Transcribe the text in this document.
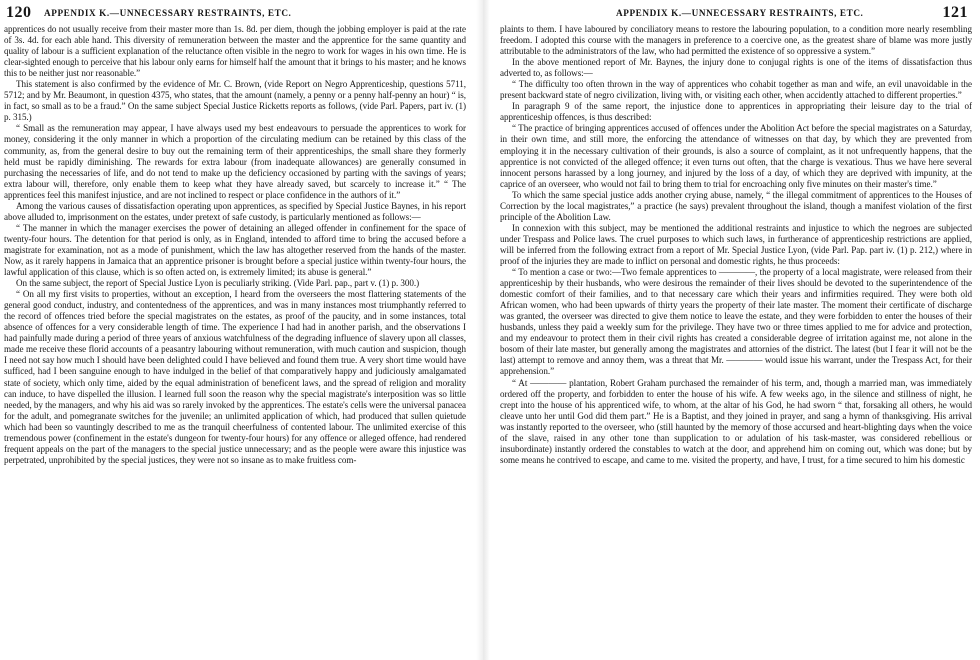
120 APPENDIX K.—UNNECESSARY RESTRAINTS, ETC.

apprentices do not usually receive from their master more than 1s. 8d. per diem, though the jobbing employer is paid at the rate of 3s. 4d. for each able hand. This diversity of remuneration between the master and the apprentice for the same quantity and quality of labour is a sufficient explanation of the reluctance often visible in the negro to work for wages in his own time. He is clear-sighted enough to perceive that his labour only earns for himself half the amount that it brings to his master; and he knows this to be neither just nor reasonable.”

This statement is also confirmed by the evidence of Mr. C. Brown, (vide Report on Negro Apprenticeship, questions 5711, 5712; and by Mr. Beaumont, in question 4375, who states, that the amount (namely, a penny or a penny half-penny an hour) “ is, in fact, so small as to be a fraud.” On the same subject Special Justice Ricketts reports as follows, (vide Parl. Papers, part iv. (1) p. 315.)

“ Small as the remuneration may appear, I have always used my best endeavours to persuade the apprentices to work for money, considering it the only manner in which a proportion of the circulating medium can be retained by this class of the community, as, from the general desire to buy out the remaining term of their apprenticeships, the small share they formerly held must be rapidly diminishing. The rewards for extra labour (from inadequate allowances) are generally consumed in purchasing the necessaries of life, and do not tend to make up the deficiency occasioned by parting with the savings of years; extra labour will, therefore, only enable them to keep what they have already saved, but scarcely to increase it.” “ The apprentices feel this manifest injustice, and are not inclined to respect or place confidence in the authors of it.”

Among the various causes of dissatisfaction operating upon apprentices, as specified by Special Justice Baynes, in his report above alluded to, imprisonment on the estates, under pretext of safe custody, is particularly mentioned as follows:—

“ The manner in which the manager exercises the power of detaining an alleged offender in confinement for the space of twenty-four hours. The detention for that period is only, as in England, intended to afford time to bring the accused before a magistrate for examination, not as a mode of punishment, which the law has altogether reserved from the hands of the master. Now, as it rarely happens in Jamaica that an apprentice prisoner is brought before a special justice within twenty-four hours, the lawful application of this clause, which is so often acted on, is extremely limited; its abuse is general.”

On the same subject, the report of Special Justice Lyon is peculiarly striking. (Vide Parl. pap., part v. (1) p. 300.)

“ On all my first visits to properties, without an exception, I heard from the overseers the most flattering statements of the general good conduct, industry, and contentedness of the apprentices, and was in many instances most triumphantly referred to the record of offences tried before the special magistrates on the estates, as proof of the paucity, and in some instances, total absence of offences for a very considerable length of time. The experience I had had in another parish, and the observations I had painfully made during a period of three years of anxious watchfulness of the degrading influence of slavery upon all classes, made me receive these florid accounts of a peasantry labouring without remuneration, with much caution and suspicion, though I need not say how much I should have been delighted could I have believed and found them true. A very short time would have sufficed, had I been sanguine enough to have indulged in the belief of that comparatively happy and judiciously amalgamated state of society, which only time, aided by the equal administration of beneficent laws, and the spread of religion and morality can induce, to have dispelled the illusion. I learned full soon the reason why the special magistrate's interposition was so little needed, by the managers, and why his aid was so rarely invoked by the apprentices. The estate's cells were the universal panacea for the adult, and pomegranate switches for the juvenile; an unlimited application of which, had produced that sullen quietude which had been so vauntingly described to me as the tranquil cheerfulness of contented labour. The unlimited exercise of this tremendous power (confinement in the estate's dungeon for twenty-four hours) for any offence or alleged offence, had rendered frequent appeals on the part of the managers to the special justice unnecessary; and as the people were aware this injustice was perpetrated, unprohibited by the special justices, they were not so insane as to make fruitless com-

APPENDIX K.—UNNECESSARY RESTRAINTS, ETC.	121

plaints to them. I have laboured by conciliatory means to restore the labouring population, to a condition more nearly resembling freedom. I adopted this course with the managers in preference to a coercive one, as the greatest share of blame was more justly attributable to the administrators of the law, who had permitted the existence of so oppressive a system.”

In the above mentioned report of Mr. Baynes, the injury done to conjugal rights is one of the items of dissatisfaction thus adverted to, as follows:—

“ The difficulty too often thrown in the way of apprentices who cohabit together as man and wife, an evil unavoidable in the present backward state of negro civilization, living with, or visiting each other, when accidently attached to different properties.”

In paragraph 9 of the same report, the injustice done to apprentices in appropriating their leisure day to the trial of apprenticeship offences, is thus described:

“ The practice of bringing apprentices accused of offences under the Abolition Act before the special magistrates on a Saturday, in their own time, and still more, the enforcing the attendance of witnesses on that day, by which they are prevented from employing it in the necessary cultivation of their grounds, is also a source of complaint, as it not unfrequently happens, that the apprentice is not convicted of the alleged offence; it even turns out often, that the charge is vexatious. Thus we have here several innocent persons harassed by a long journey, and injured by the loss of a day, of which they are deprived with impunity, at the caprice of an overseer, who would not fail to bring them to trial for encroaching only five minutes on their master's time.”

To which the same special justice adds another crying abuse, namely, “ the illegal commitment of apprentices to the Houses of Correction by the local magistrates,” a practice (he says) prevalent throughout the island, though a manifest violation of the first principle of the Abolition Law.

In connexion with this subject, may be mentioned the additional restraints and injustice to which the negroes are subjected under Trespass and Police laws. The cruel purposes to which such laws, in furtherance of apprenticeship restrictions are applied, will be inferred from the following extract from a report of Mr. Special Justice Lyon, (vide Parl. Pap. part iv. (1) p. 212,) where in proof of the injuries they are made to inflict on personal and domestic rights, he thus proceeds:

“ To mention a case or two:—Two female apprentices to ————, the property of a local magistrate, were released from their apprenticeship by their husbands, who were desirous the remainder of their lives should be devoted to the superintendence of the domestic comfort of their families, and to that necessary care which their years and infirmities required. They were both old African women, who had been upwards of thirty years the property of their late master. The moment their certificate of discharge was granted, the overseer was directed to give them notice to leave the estate, and they were forbidden to enter the houses of their husbands, unless they paid a weekly sum for the privilege. They have two or three times applied to me for advice and protection, and my endeavour to protect them in their civil rights has created a considerable degree of irritation against me, not alone in the bosom of their late master, but generally among the magistrates and attornies of the district. The latest (but I fear it will not be the last) attempt to remove and annoy them, was a threat that Mr. ———— would issue his warrant, under the Trespass Act, for their apprehension.”

“ At ———— plantation, Robert Graham purchased the remainder of his term, and, though a married man, was immediately ordered off the property, and forbidden to enter the house of his wife. A few weeks ago, in the silence and stillness of night, he crept into the house of his apprenticed wife, to whom, at the altar of his God, he had sworn “ that, forsaking all others, he would cleave unto her until God did them part.” He is a Baptist, and they joined in prayer, and sang a hymn of thanksgiving. His arrival was instantly reported to the overseer, who (still haunted by the memory of those accursed and heart-blighting days when the voice of the slave, raised in any other tone than supplication to or adulation of his task-master, was considered rebellious or insubordinate) instantly ordered the constables to watch at the door, and apprehend him on coming out, which was done; but by some means he contrived to escape, and came to me. visited the property, and have, I trust, for a time secured to him his domestic
